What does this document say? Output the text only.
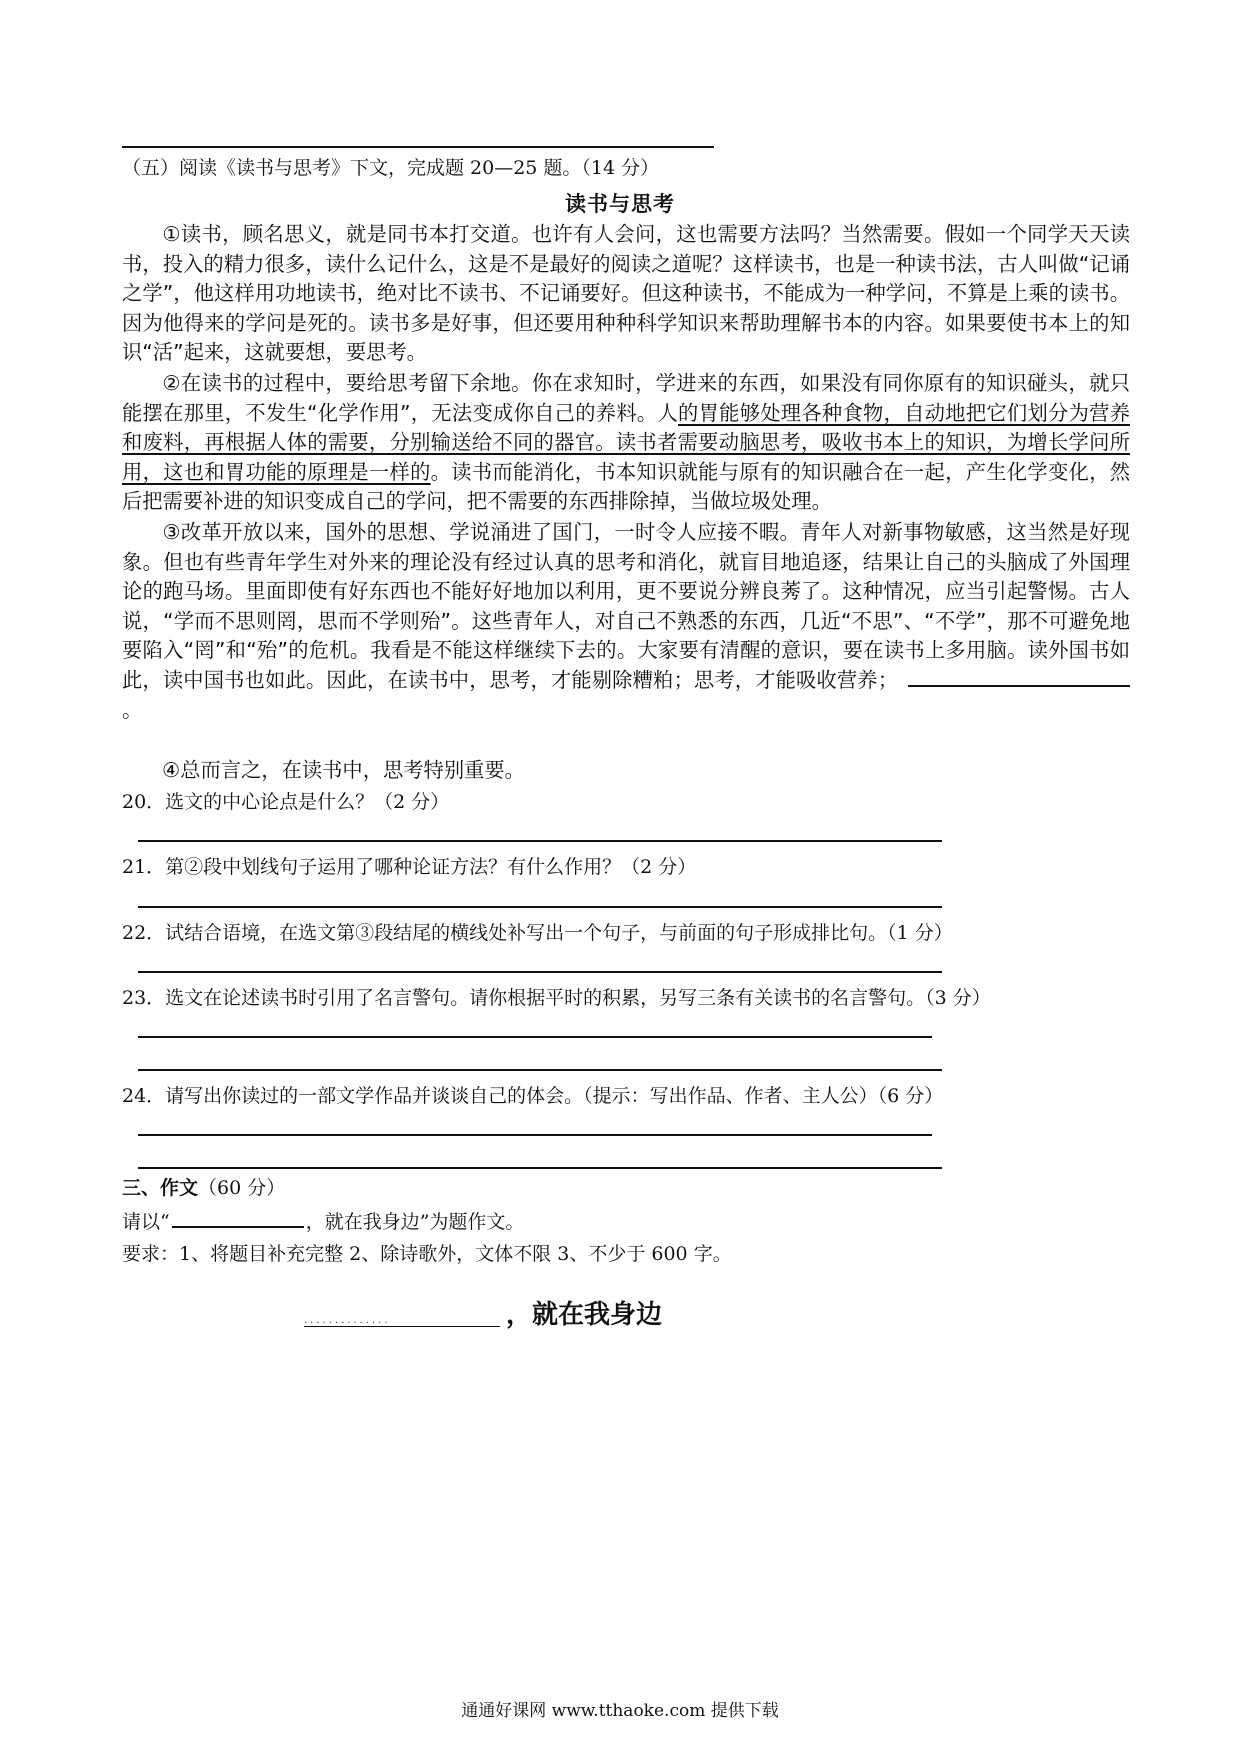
（五）阅读《读书与思考》下文，完成题 20—25 题。（14 分）
读书与思考
①读书，顾名思义，就是同书本打交道。也许有人会问，这也需要方法吗？当然需要。假如一个同学天天读书，投入的精力很多，读什么记什么，这是不是最好的阅读之道呢？这样读书，也是一种读书法，古人叫做“记诵之学”，他这样用功地读书，绝对比不读书、不记诵要好。但这种读书，不能成为一种学问，不算是上乘的读书。因为他得来的学问是死的。读书多是好事，但还要用种种科学知识来帮助理解书本的内容。如果要使书本上的知识“活”起来，这就要想，要思考。
②在读书的过程中，要给思考留下余地。你在求知时，学进来的东西，如果没有同你原有的知识碰头，就只能摆在那里，不发生“化学作用”，无法变成你自己的养料。人的胃能够处理各种食物，自动地把它们划分为营养和废料，再根据人体的需要，分别输送给不同的器官。读书者需要动脑思考，吸收书本上的知识，为增长学问所用，这也和胃功能的原理是一样的。读书而能消化，书本知识就能与原有的知识融合在一起，产生化学变化，然后把需要补进的知识变成自己的学问，把不需要的东西排除掉，当做垃圾处理。
③改革开放以来，国外的思想、学说涌进了国门，一时令人应接不暇。青年人对新事物敏感，这当然是好现象。但也有些青年学生对外来的理论没有经过认真的思考和消化，就盲目地追逐，结果让自己的头脑成了外国理论的跑马场。里面即使有好东西也不能好好地加以利用，更不要说分辨良莠了。这种情况，应当引起警惕。古人说，“学而不思则罔，思而不学则殆”。这些青年人，对自己不熟悉的东西，几近“不思”、“不学”，那不可避免地要陷入“罔”和“殆”的危机。我看是不能这样继续下去的。大家要有清醒的意识，要在读书上多用脑。读外国书如此，读中国书也如此。因此，在读书中，思考，才能剔除糟粕；思考，才能吸收营养；。
④总而言之，在读书中，思考特别重要。
20．选文的中心论点是什么？（2 分）
21．第②段中划线句子运用了哪种论证方法？有什么作用？（2 分）
22．试结合语境，在选文第③段结尾的横线处补写出一个句子，与前面的句子形成排比句。（1 分）
23．选文在论述读书时引用了名言警句。请你根据平时的积累，另写三条有关读书的名言警句。（3 分）
24．请写出你读过的一部文学作品并谈谈自己的体会。（提示：写出作品、作者、主人公）（6 分）
三、作文（60 分）
请以“	，就在我身边”为题作文。
要求：1、将题目补充完整 2、除诗歌外，文体不限 3、不少于 600 字。
..............	，就在我身边
通通好课网 www.tthaoke.com 提供下载
